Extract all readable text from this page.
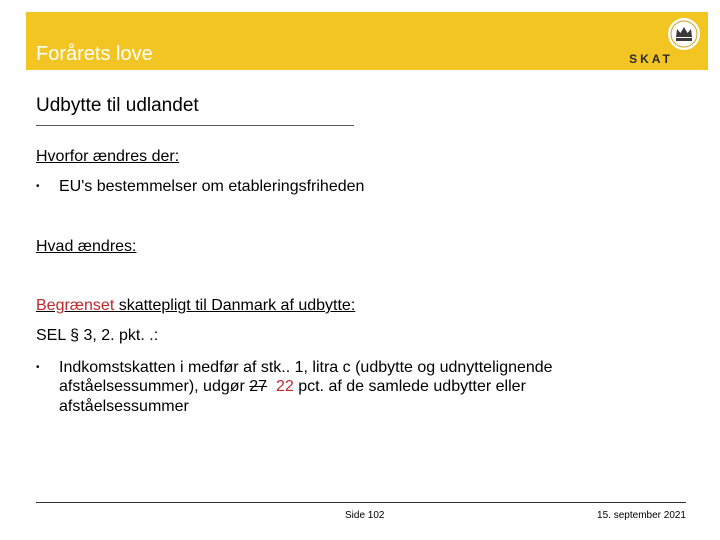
Forårets love	SKAT
Udbytte til udlandet
Hvorfor ændres der:
• EU's bestemmelser om etableringsfriheden
Hvad ændres:
Begrænset skattepligt til Danmark af udbytte:
SEL § 3, 2. pkt. .:
• Indkomstskatten i medfør af stk.. 1, litra c (udbytte og udnyttelignende
afståelsessummer), udgør 27 22 pct. af de samlede udbytter eller
afståelsessummer
Side 102	15. september 2021
